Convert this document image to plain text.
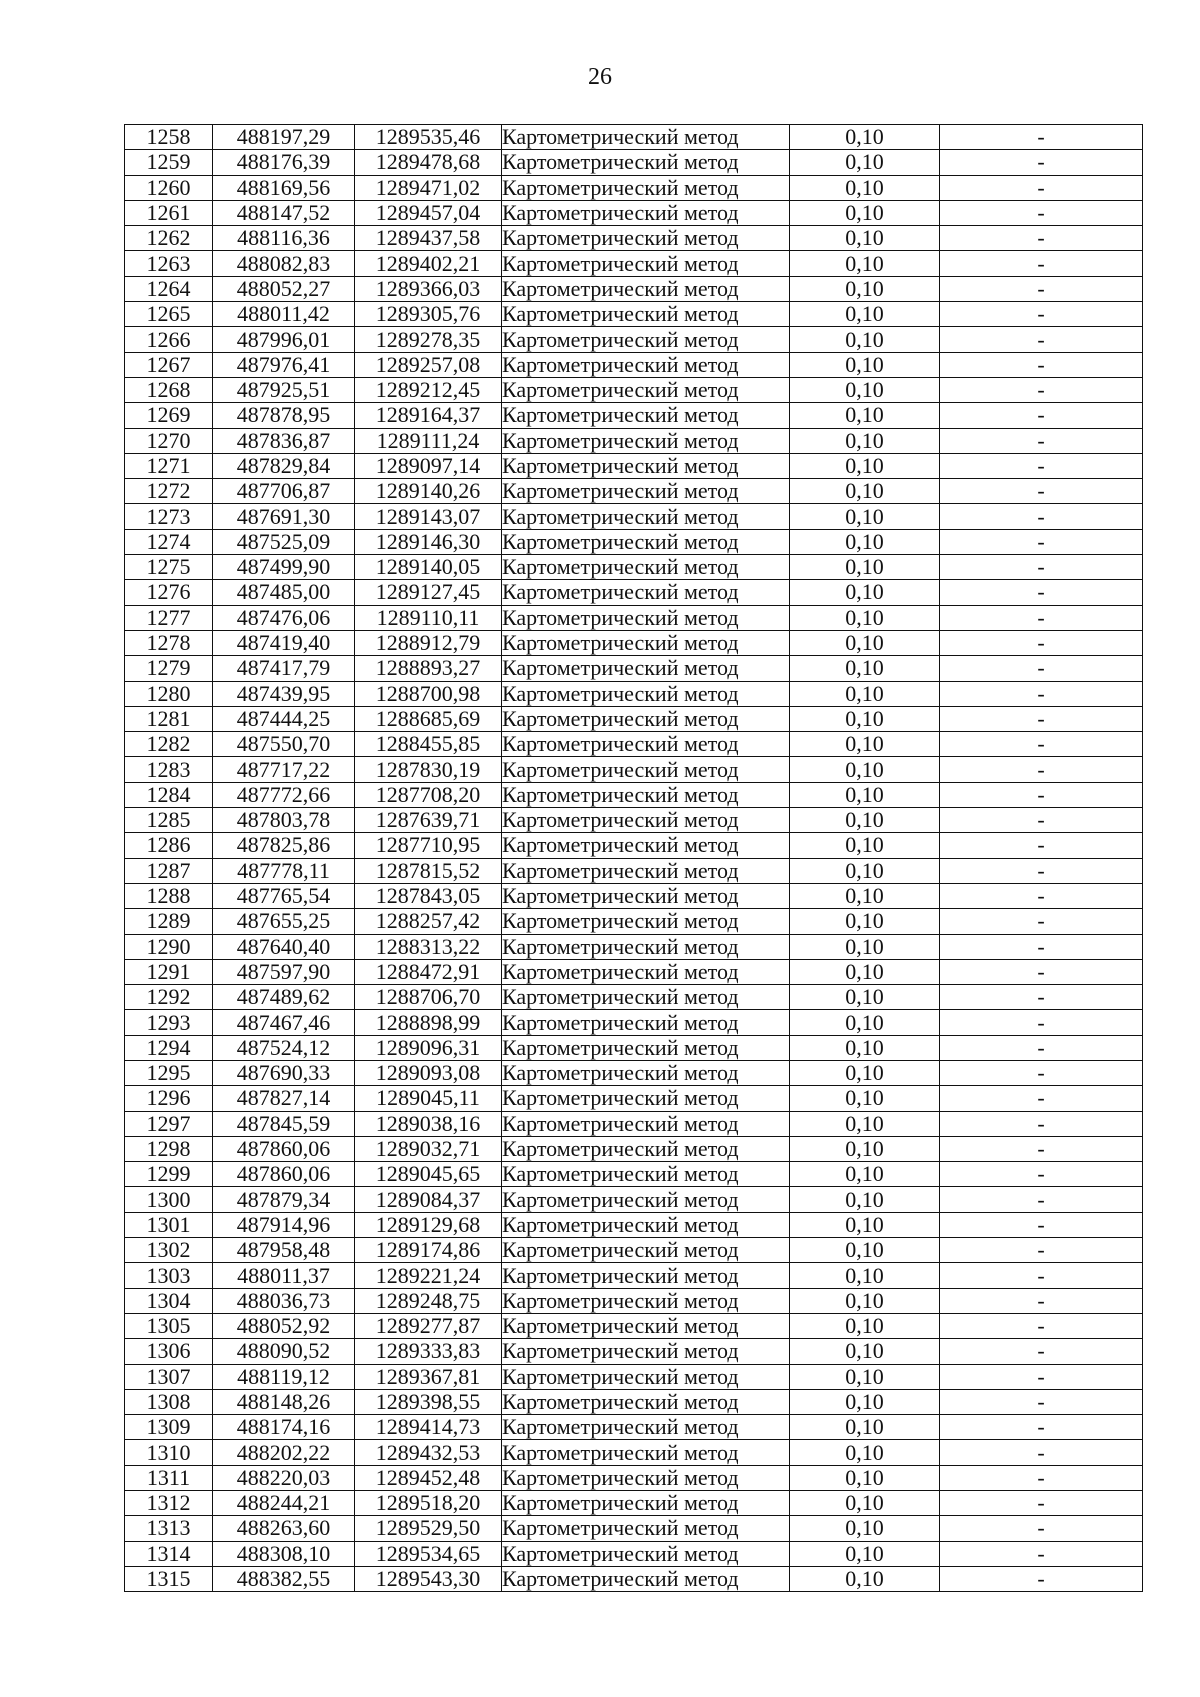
26
1258	488197,29	1289535,46	Картометрический метод	0,10	-
1259	488176,39	1289478,68	Картометрический метод	0,10	-
1260	488169,56	1289471,02	Картометрический метод	0,10	-
1261	488147,52	1289457,04	Картометрический метод	0,10	-
1262	488116,36	1289437,58	Картометрический метод	0,10	-
1263	488082,83	1289402,21	Картометрический метод	0,10	-
1264	488052,27	1289366,03	Картометрический метод	0,10	-
1265	488011,42	1289305,76	Картометрический метод	0,10	-
1266	487996,01	1289278,35	Картометрический метод	0,10	-
1267	487976,41	1289257,08	Картометрический метод	0,10	-
1268	487925,51	1289212,45	Картометрический метод	0,10	-
1269	487878,95	1289164,37	Картометрический метод	0,10	-
1270	487836,87	1289111,24	Картометрический метод	0,10	-
1271	487829,84	1289097,14	Картометрический метод	0,10	-
1272	487706,87	1289140,26	Картометрический метод	0,10	-
1273	487691,30	1289143,07	Картометрический метод	0,10	-
1274	487525,09	1289146,30	Картометрический метод	0,10	-
1275	487499,90	1289140,05	Картометрический метод	0,10	-
1276	487485,00	1289127,45	Картометрический метод	0,10	-
1277	487476,06	1289110,11	Картометрический метод	0,10	-
1278	487419,40	1288912,79	Картометрический метод	0,10	-
1279	487417,79	1288893,27	Картометрический метод	0,10	-
1280	487439,95	1288700,98	Картометрический метод	0,10	-
1281	487444,25	1288685,69	Картометрический метод	0,10	-
1282	487550,70	1288455,85	Картометрический метод	0,10	-
1283	487717,22	1287830,19	Картометрический метод	0,10	-
1284	487772,66	1287708,20	Картометрический метод	0,10	-
1285	487803,78	1287639,71	Картометрический метод	0,10	-
1286	487825,86	1287710,95	Картометрический метод	0,10	-
1287	487778,11	1287815,52	Картометрический метод	0,10	-
1288	487765,54	1287843,05	Картометрический метод	0,10	-
1289	487655,25	1288257,42	Картометрический метод	0,10	-
1290	487640,40	1288313,22	Картометрический метод	0,10	-
1291	487597,90	1288472,91	Картометрический метод	0,10	-
1292	487489,62	1288706,70	Картометрический метод	0,10	-
1293	487467,46	1288898,99	Картометрический метод	0,10	-
1294	487524,12	1289096,31	Картометрический метод	0,10	-
1295	487690,33	1289093,08	Картометрический метод	0,10	-
1296	487827,14	1289045,11	Картометрический метод	0,10	-
1297	487845,59	1289038,16	Картометрический метод	0,10	-
1298	487860,06	1289032,71	Картометрический метод	0,10	-
1299	487860,06	1289045,65	Картометрический метод	0,10	-
1300	487879,34	1289084,37	Картометрический метод	0,10	-
1301	487914,96	1289129,68	Картометрический метод	0,10	-
1302	487958,48	1289174,86	Картометрический метод	0,10	-
1303	488011,37	1289221,24	Картометрический метод	0,10	-
1304	488036,73	1289248,75	Картометрический метод	0,10	-
1305	488052,92	1289277,87	Картометрический метод	0,10	-
1306	488090,52	1289333,83	Картометрический метод	0,10	-
1307	488119,12	1289367,81	Картометрический метод	0,10	-
1308	488148,26	1289398,55	Картометрический метод	0,10	-
1309	488174,16	1289414,73	Картометрический метод	0,10	-
1310	488202,22	1289432,53	Картометрический метод	0,10	-
1311	488220,03	1289452,48	Картометрический метод	0,10	-
1312	488244,21	1289518,20	Картометрический метод	0,10	-
1313	488263,60	1289529,50	Картометрический метод	0,10	-
1314	488308,10	1289534,65	Картометрический метод	0,10	-
1315	488382,55	1289543,30	Картометрический метод	0,10	-
